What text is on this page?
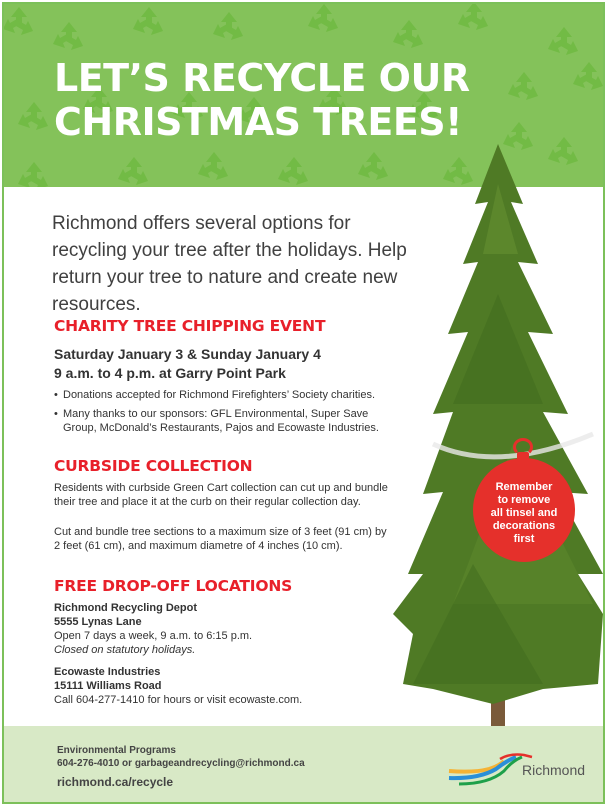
LET’S RECYCLE OUR
CHRISTMAS TREES!
Richmond offers several options for recycling your tree after the holidays. Help return your tree to nature and create new resources.
CHARITY TREE CHIPPING EVENT
Saturday January 3 & Sunday January 4
9 a.m. to 4 p.m. at Garry Point Park
• Donations accepted for Richmond Firefighters’ Society charities.
• Many thanks to our sponsors: GFL Environmental, Super Save Group, McDonald’s Restaurants, Pajos and Ecowaste Industries.
CURBSIDE COLLECTION
Residents with curbside Green Cart collection can cut up and bundle their tree and place it at the curb on their regular collection day.
Cut and bundle tree sections to a maximum size of 3 feet (91 cm) by 2 feet (61 cm), and maximum diametre of 4 inches (10 cm).
FREE DROP-OFF LOCATIONS
Richmond Recycling Depot
5555 Lynas Lane
Open 7 days a week, 9 a.m. to 6:15 p.m.
Closed on statutory holidays.
Ecowaste Industries
15111 Williams Road
Call 604-277-1410 for hours or visit ecowaste.com.
Remember
to remove
all tinsel and
decorations
first
Environmental Programs
604-276-4010 or garbageandrecycling@richmond.ca
richmond.ca/recycle
Richmond
